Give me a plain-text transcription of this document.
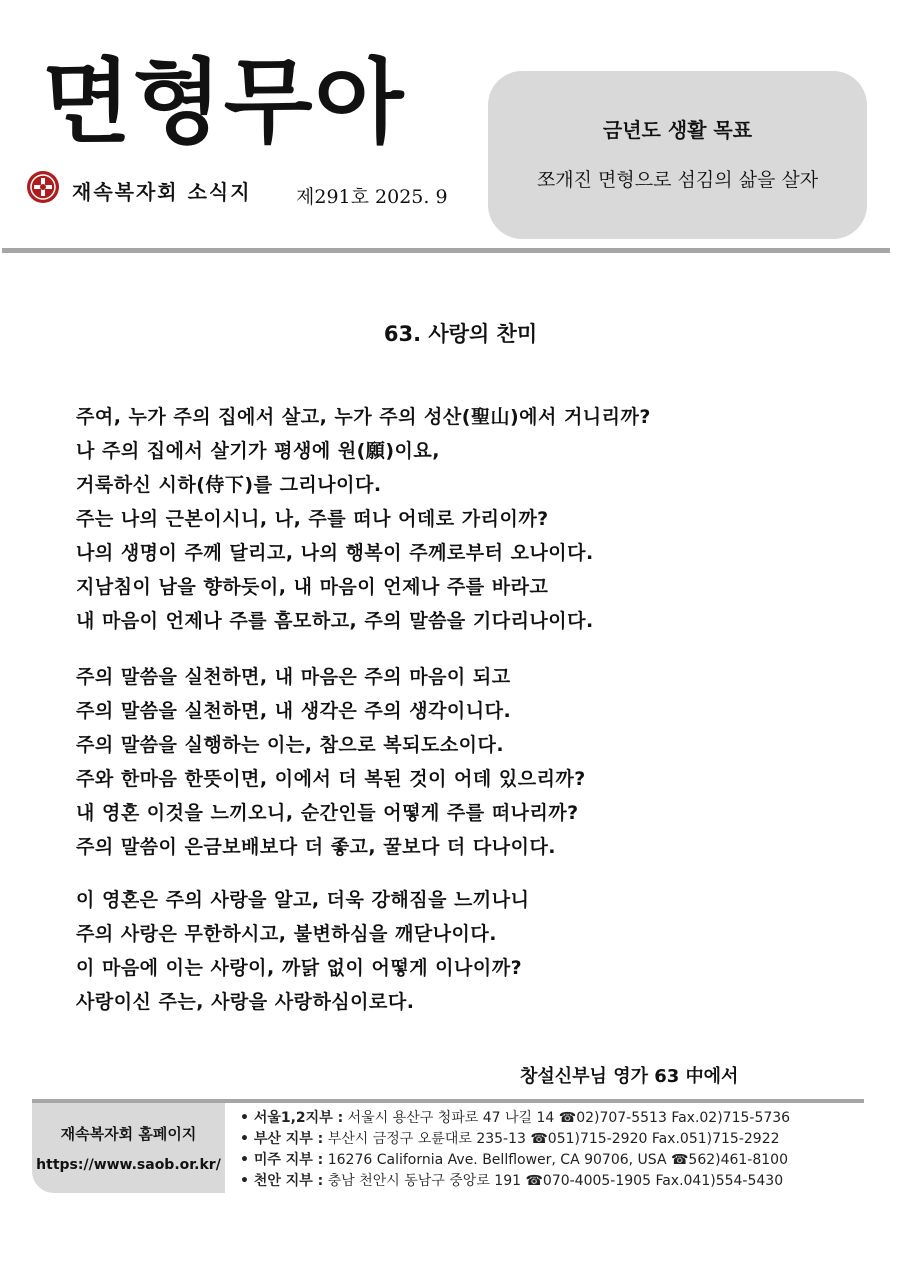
면형무아
재속복자회 소식지 제291호 2025. 9
금년도 생활 목표
쪼개진 면형으로 섬김의 삶을 살자
63. 사랑의 찬미
주여, 누가 주의 집에서 살고, 누가 주의 성산(聖山)에서 거니리까?
나 주의 집에서 살기가 평생에 원(願)이요,
거룩하신 시하(侍下)를 그리나이다.
주는 나의 근본이시니, 나, 주를 떠나 어데로 가리이까?
나의 생명이 주께 달리고, 나의 행복이 주께로부터 오나이다.
지남침이 남을 향하듯이, 내 마음이 언제나 주를 바라고
내 마음이 언제나 주를 흠모하고, 주의 말씀을 기다리나이다.
주의 말씀을 실천하면, 내 마음은 주의 마음이 되고
주의 말씀을 실천하면, 내 생각은 주의 생각이니다.
주의 말씀을 실행하는 이는, 참으로 복되도소이다.
주와 한마음 한뜻이면, 이에서 더 복된 것이 어데 있으리까?
내 영혼 이것을 느끼오니, 순간인들 어떻게 주를 떠나리까?
주의 말씀이 은금보배보다 더 좋고, 꿀보다 더 다나이다.
이 영혼은 주의 사랑을 알고, 더욱 강해짐을 느끼나니
주의 사랑은 무한하시고, 불변하심을 깨닫나이다.
이 마음에 이는 사랑이, 까닭 없이 어떻게 이나이까?
사랑이신 주는, 사랑을 사랑하심이로다.
창설신부님 영가 63 中에서
재속복자회 홈페이지
https://www.saob.or.kr/
• 서울1,2지부 : 서울시 용산구 청파로 47 나길 14 ☎02)707-5513 Fax.02)715-5736
• 부산 지부 : 부산시 금정구 오륜대로 235-13 ☎051)715-2920 Fax.051)715-2922
• 미주 지부 : 16276 California Ave. Bellflower, CA 90706, USA ☎562)461-8100
• 천안 지부 : 충남 천안시 동남구 중앙로 191 ☎070-4005-1905 Fax.041)554-5430
